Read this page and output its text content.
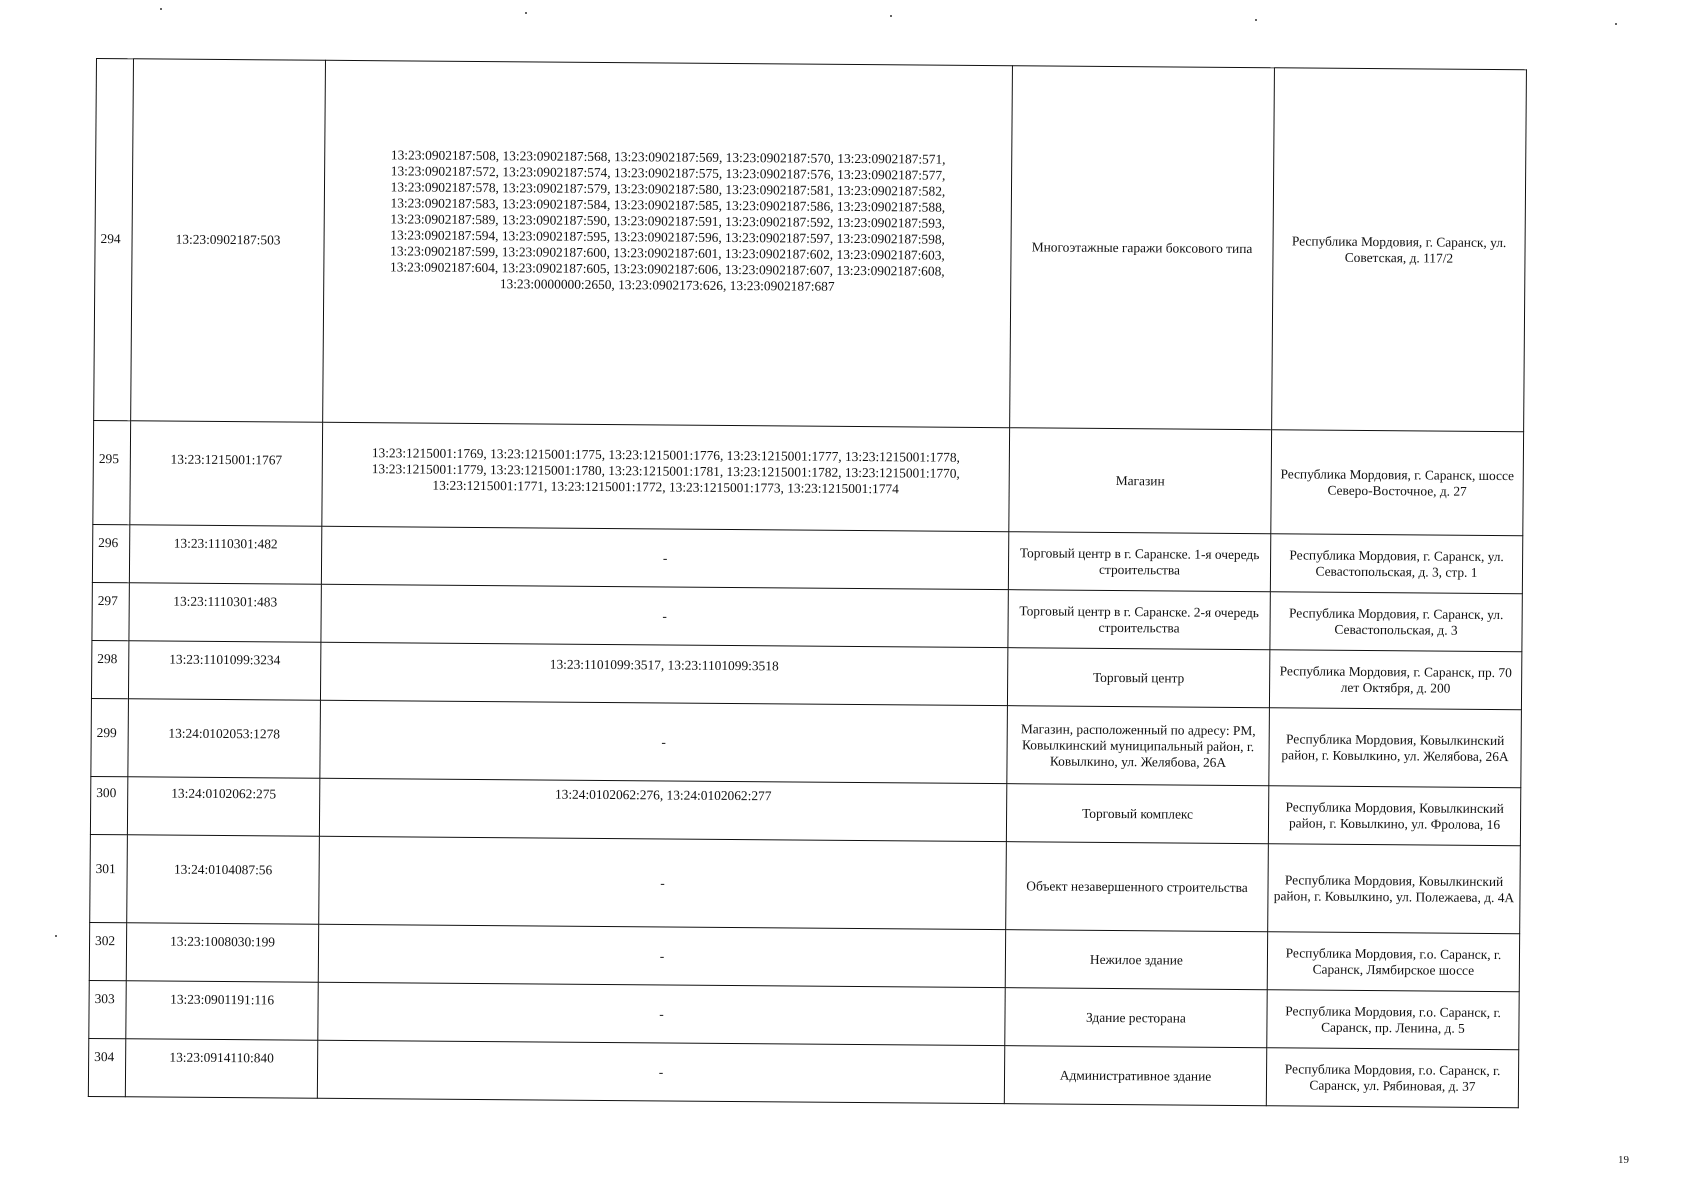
294	13:23:0902187:503	13:23:0902187:508, 13:23:0902187:568, 13:23:0902187:569, 13:23:0902187:570, 13:23:0902187:571, 13:23:0902187:572, 13:23:0902187:574, 13:23:0902187:575, 13:23:0902187:576, 13:23:0902187:577, 13:23:0902187:578, 13:23:0902187:579, 13:23:0902187:580, 13:23:0902187:581, 13:23:0902187:582, 13:23:0902187:583, 13:23:0902187:584, 13:23:0902187:585, 13:23:0902187:586, 13:23:0902187:588, 13:23:0902187:589, 13:23:0902187:590, 13:23:0902187:591, 13:23:0902187:592, 13:23:0902187:593, 13:23:0902187:594, 13:23:0902187:595, 13:23:0902187:596, 13:23:0902187:597, 13:23:0902187:598, 13:23:0902187:599, 13:23:0902187:600, 13:23:0902187:601, 13:23:0902187:602, 13:23:0902187:603, 13:23:0902187:604, 13:23:0902187:605, 13:23:0902187:606, 13:23:0902187:607, 13:23:0902187:608, 13:23:0000000:2650, 13:23:0902173:626, 13:23:0902187:687	Многоэтажные гаражи боксового типа	Республика Мордовия, г. Саранск, ул. Советская, д. 117/2
295	13:23:1215001:1767	13:23:1215001:1769, 13:23:1215001:1775, 13:23:1215001:1776, 13:23:1215001:1777, 13:23:1215001:1778, 13:23:1215001:1779, 13:23:1215001:1780, 13:23:1215001:1781, 13:23:1215001:1782, 13:23:1215001:1770, 13:23:1215001:1771, 13:23:1215001:1772, 13:23:1215001:1773, 13:23:1215001:1774	Магазин	Республика Мордовия, г. Саранск, шоссе Северо-Восточное, д. 27
296	13:23:1110301:482	-	Торговый центр в г. Саранске. 1-я очередь строительства	Республика Мордовия, г. Саранск, ул. Севастопольская, д. 3, стр. 1
297	13:23:1110301:483	-	Торговый центр в г. Саранске. 2-я очередь строительства	Республика Мордовия, г. Саранск, ул. Севастопольская, д. 3
298	13:23:1101099:3234	13:23:1101099:3517, 13:23:1101099:3518	Торговый центр	Республика Мордовия, г. Саранск, пр. 70 лет Октября, д. 200
299	13:24:0102053:1278	-	Магазин, расположенный по адресу: РМ, Ковылкинский муниципальный район, г. Ковылкино, ул. Желябова, 26А	Республика Мордовия, Ковылкинский район, г. Ковылкино, ул. Желябова, 26А
300	13:24:0102062:275	13:24:0102062:276, 13:24:0102062:277	Торговый комплекс	Республика Мордовия, Ковылкинский район, г. Ковылкино, ул. Фролова, 16
301	13:24:0104087:56	-	Объект незавершенного строительства	Республика Мордовия, Ковылкинский район, г. Ковылкино, ул. Полежаева, д. 4А
302	13:23:1008030:199	-	Нежилое здание	Республика Мордовия, г.о. Саранск, г. Саранск, Лямбирское шоссе
303	13:23:0901191:116	-	Здание ресторана	Республика Мордовия, г.о. Саранск, г. Саранск, пр. Ленина, д. 5
304	13:23:0914110:840	-	Административное здание	Республика Мордовия, г.о. Саранск, г. Саранск, ул. Рябиновая, д. 37
19
